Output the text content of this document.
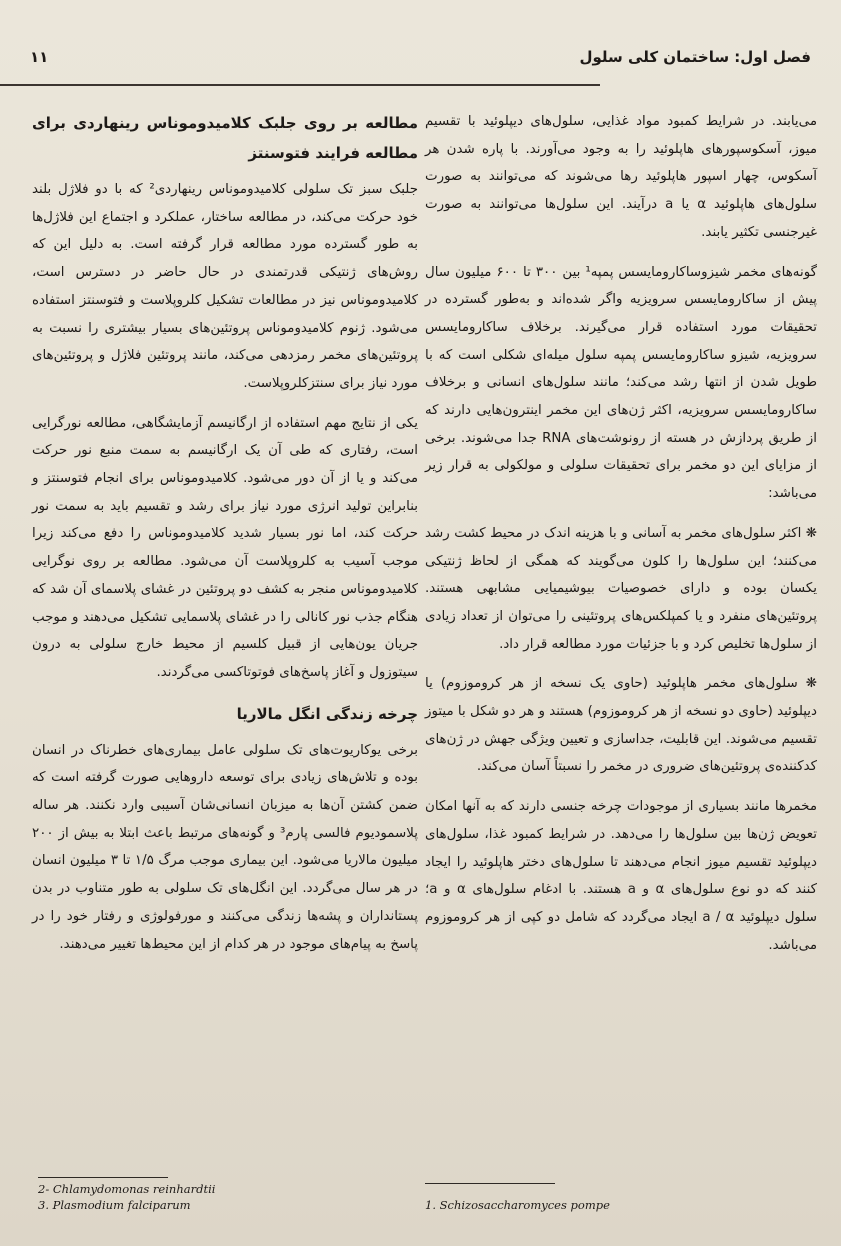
۱۱	فصل اول: ساختمان کلی سلول

می‌یابند. در شرایط کمبود مواد غذایی، سلول‌های دیپلوئید با تقسیم میوز، آسکوسپورهای هاپلوئید را به وجود می‌آورند. با پاره شدن هر آسکوس، چهار اسپور هاپلوئید رها می‌شوند که می‌توانند به صورت سلول‌های هاپلوئید α یا a درآیند. این سلول‌ها می‌توانند به صورت غیرجنسی تکثیر یابند.

گونه‌های مخمر شیزوساکارومایسس پمپه¹ بین ۳۰۰ تا ۶۰۰ میلیون سال پیش از ساکارومایسس سرویزیه واگر شده‌اند و به‌طور گسترده در تحقیقات مورد استفاده قرار می‌گیرند. برخلاف ساکارومایسس سرویزیه، شیزو ساکارومایسس پمپه سلول میله‌ای شکلی است که با طویل شدن از انتها رشد می‌کند؛ مانند سلول‌های انسانی و برخلاف ساکارومایسس سرویزیه، اکثر ژن‌های این مخمر اینترون‌هایی دارند که از طریق پردازش در هسته از رونوشت‌های RNA جدا می‌شوند. برخی از مزایای این دو مخمر برای تحقیقات سلولی و مولکولی به قرار زیر می‌باشد:

❋ اکثر سلول‌های مخمر به آسانی و با هزینه اندک در محیط کشت رشد می‌کنند؛ این سلول‌ها را کلون می‌گویند که همگی از لحاظ ژنتیکی یکسان بوده و دارای خصوصیات بیوشیمیایی مشابهی هستند. پروتئین‌های منفرد و یا کمپلکس‌های پروتئینی را می‌توان از تعداد زیادی از سلول‌ها تخلیص کرد و با جزئیات مورد مطالعه قرار داد.

❋ سلول‌های مخمر هاپلوئید (حاوی یک نسخه از هر کروموزوم) یا دیپلوئید (حاوی دو نسخه از هر کروموزوم) هستند و هر دو شکل با میتوز تقسیم می‌شوند. این قابلیت، جداسازی و تعیین ویژگی جهش در ژن‌های کدکننده‌ی پروتئین‌های ضروری در مخمر را نسبتاً آسان می‌کند.

مخمرها مانند بسیاری از موجودات چرخه جنسی دارند که به آنها امکان تعویض ژن‌ها بین سلول‌ها را می‌دهد. در شرایط کمبود غذا، سلول‌های دیپلوئید تقسیم میوز انجام می‌دهند تا سلول‌های دختر هاپلوئید را ایجاد کنند که دو نوع سلول‌های α و a هستند. با ادغام سلول‌های α و a؛ سلول دیپلوئید a / α ایجاد می‌گردد که شامل دو کپی از هر کروموزوم می‌باشد.

مطالعه بر روی جلبک کلامیدوموناس رینهاردی برای مطالعه فرایند فتوسنتز

جلبک سبز تک سلولی کلامیدوموناس رینهاردی² که با دو فلاژل بلند خود حرکت می‌کند، در مطالعه ساختار، عملکرد و اجتماع این فلاژل‌ها به طور گسترده مورد مطالعه قرار گرفته است. به دلیل این که روش‌های ژنتیکی قدرتمندی در حال حاضر در دسترس است، کلامیدوموناس نیز در مطالعات تشکیل کلروپلاست و فتوسنتز استفاده می‌شود. ژنوم کلامیدوموناس پروتئین‌های بسیار بیشتری را نسبت به پروتئین‌های مخمر رمزدهی می‌کند، مانند پروتئین فلاژل و پروتئین‌های مورد نیاز برای سنتزکلروپلاست.

یکی از نتایج مهم استفاده از ارگانیسم آزمایشگاهی، مطالعه نورگرایی است، رفتاری که طی آن یک ارگانیسم به سمت منبع نور حرکت می‌کند و یا از آن دور می‌شود. کلامیدوموناس برای انجام فتوسنتز و بنابراین تولید انرژی مورد نیاز برای رشد و تقسیم باید به سمت نور حرکت کند، اما نور بسیار شدید کلامیدوموناس را دفع می‌کند زیرا موجب آسیب به کلروپلاست آن می‌شود. مطالعه بر روی نوگرایی کلامیدوموناس منجر به کشف دو پروتئین در غشای پلاسمای آن شد که هنگام جذب نور کانالی را در غشای پلاسمایی تشکیل می‌دهند و موجب جریان یون‌هایی از قبیل کلسیم از محیط خارج سلولی به درون سیتوزول و آغاز پاسخ‌های فوتوتاکسی می‌گردند.

چرخه زندگی انگل مالاریا

برخی یوکاریوت‌های تک سلولی عامل بیماری‌های خطرناک در انسان بوده و تلاش‌های زیادی برای توسعه داروهایی صورت گرفته است که ضمن کشتن آن‌ها به میزبان انسانی‌شان آسیبی وارد نکنند. هر ساله پلاسمودیوم فالسی پارم³ و گونه‌های مرتبط باعث ابتلا به بیش از ۲۰۰ میلیون مالاریا می‌شود. این بیماری موجب مرگ ۱/۵ تا ۳ میلیون انسان در هر سال می‌گردد. این انگل‌های تک سلولی به طور متناوب در بدن پستانداران و پشه‌ها زندگی می‌کنند و مورفولوژی و رفتار خود را در پاسخ به پیام‌های موجود در هر کدام از این محیط‌ها تغییر می‌دهند.

2- Chlamydomonas reinhardtii
3. Plasmodium falciparum	1. Schizosaccharomyces pompe
